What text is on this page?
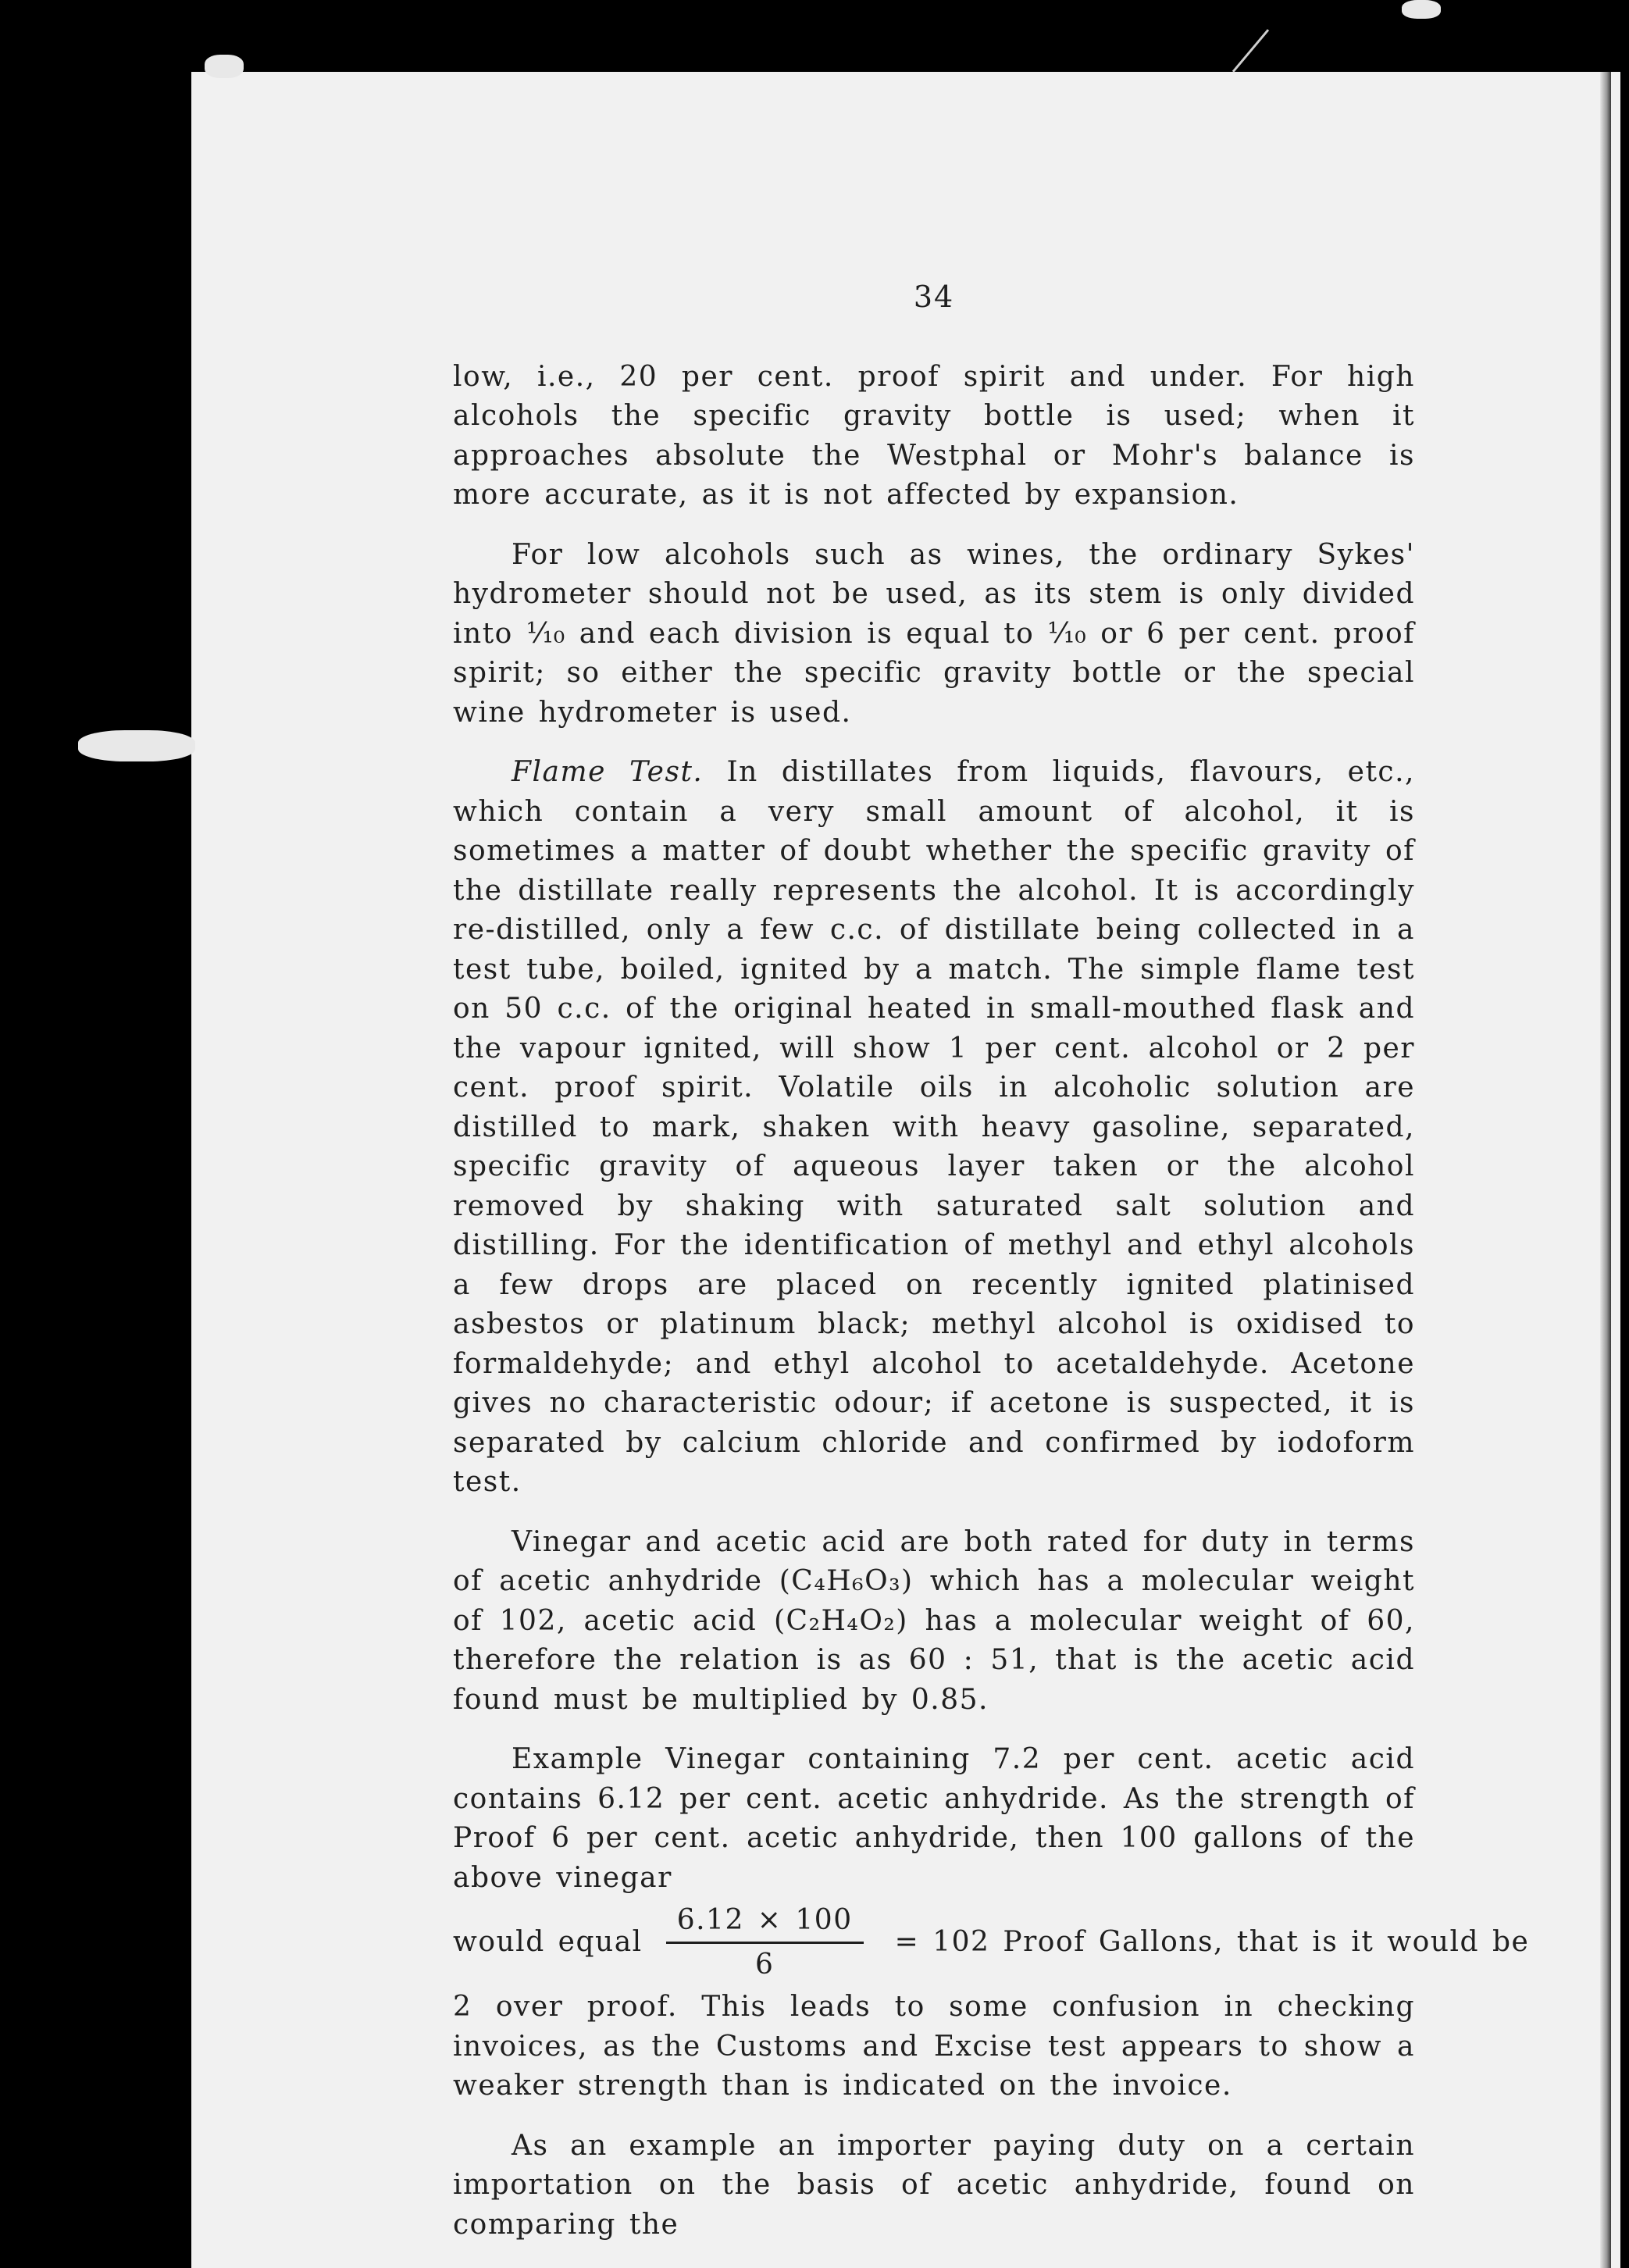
34

low, i.e., 20 per cent. proof spirit and under. For high alcohols the specific gravity bottle is used; when it approaches absolute the Westphal or Mohr's balance is more accurate, as it is not affected by expansion.

For low alcohols such as wines, the ordinary Sykes' hydrometer should not be used, as its stem is only divided into ⅒ and each division is equal to ⅒ or 6 per cent. proof spirit; so either the specific gravity bottle or the special wine hydrometer is used.

Flame Test. In distillates from liquids, flavours, etc., which contain a very small amount of alcohol, it is sometimes a matter of doubt whether the specific gravity of the distillate really represents the alcohol. It is accordingly re-distilled, only a few c.c. of distillate being collected in a test tube, boiled, ignited by a match. The simple flame test on 50 c.c. of the original heated in small-mouthed flask and the vapour ignited, will show 1 per cent. alcohol or 2 per cent. proof spirit. Volatile oils in alcoholic solution are distilled to mark, shaken with heavy gasoline, separated, specific gravity of aqueous layer taken or the alcohol removed by shaking with saturated salt solution and distilling. For the identification of methyl and ethyl alcohols a few drops are placed on recently ignited platinised asbestos or platinum black; methyl alcohol is oxidised to formaldehyde; and ethyl alcohol to acetaldehyde. Acetone gives no characteristic odour; if acetone is suspected, it is separated by calcium chloride and confirmed by iodoform test.

Vinegar and acetic acid are both rated for duty in terms of acetic anhydride (C₄H₆O₃) which has a molecular weight of 102, acetic acid (C₂H₄O₂) has a molecular weight of 60, therefore the relation is as 60 : 51, that is the acetic acid found must be multiplied by 0.85.

Example Vinegar containing 7.2 per cent. acetic acid contains 6.12 per cent. acetic anhydride. As the strength of Proof 6 per cent. acetic anhydride, then 100 gallons of the above vinegar

would equal $\frac{6.12 \times 100}{6} = 102$ Proof Gallons, that is it would be

2 over proof. This leads to some confusion in checking invoices, as the Customs and Excise test appears to show a weaker strength than is indicated on the invoice.

As an example an importer paying duty on a certain importation on the basis of acetic anhydride, found on comparing the
